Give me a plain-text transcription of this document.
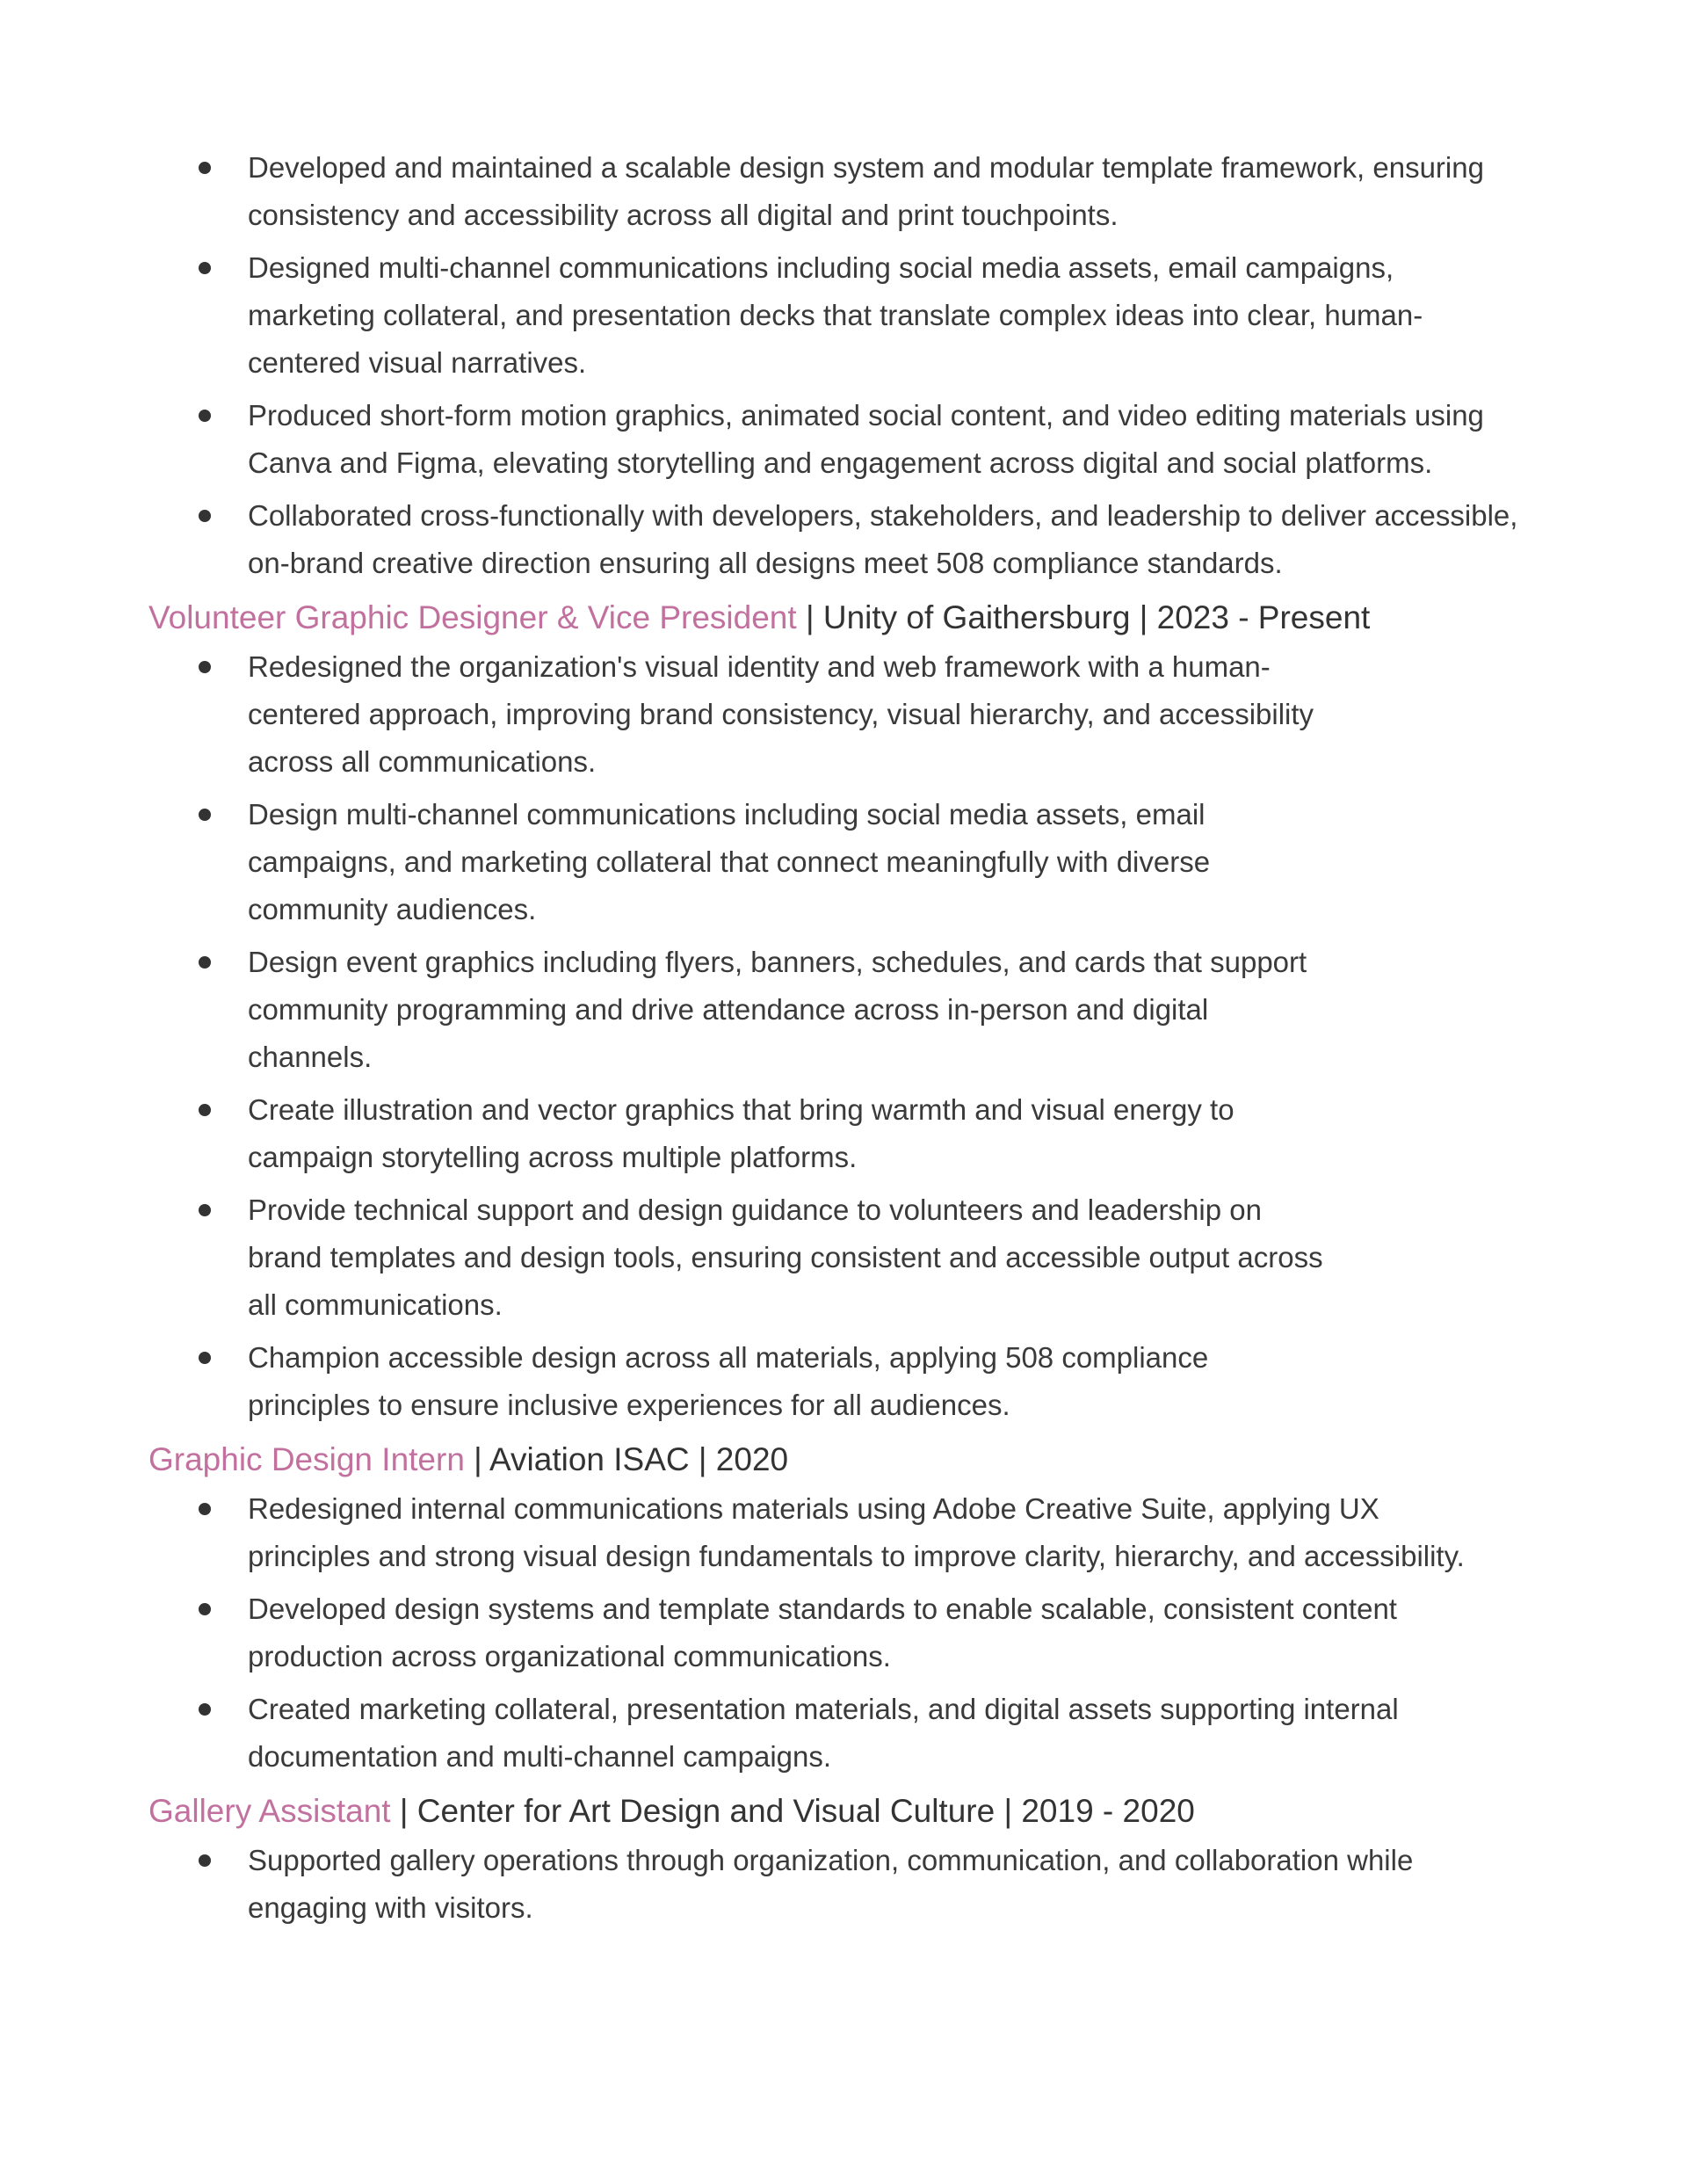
Developed and maintained a scalable design system and modular template framework, ensuring consistency and accessibility across all digital and print touchpoints.
Designed multi-channel communications including social media assets, email campaigns, marketing collateral, and presentation decks that translate complex ideas into clear, human-centered visual narratives.
Produced short-form motion graphics, animated social content, and video editing materials using Canva and Figma, elevating storytelling and engagement across digital and social platforms.
Collaborated cross-functionally with developers, stakeholders, and leadership to deliver accessible, on-brand creative direction ensuring all designs meet 508 compliance standards.
Volunteer Graphic Designer & Vice President | Unity of Gaithersburg | 2023 - Present
Redesigned the organization's visual identity and web framework with a human-centered approach, improving brand consistency, visual hierarchy, and accessibility across all communications.
Design multi-channel communications including social media assets, email campaigns, and marketing collateral that connect meaningfully with diverse community audiences.
Design event graphics including flyers, banners, schedules, and cards that support community programming and drive attendance across in-person and digital channels.
Create illustration and vector graphics that bring warmth and visual energy to campaign storytelling across multiple platforms.
Provide technical support and design guidance to volunteers and leadership on brand templates and design tools, ensuring consistent and accessible output across all communications.
Champion accessible design across all materials, applying 508 compliance principles to ensure inclusive experiences for all audiences.
Graphic Design Intern | Aviation ISAC | 2020
Redesigned internal communications materials using Adobe Creative Suite, applying UX principles and strong visual design fundamentals to improve clarity, hierarchy, and accessibility.
Developed design systems and template standards to enable scalable, consistent content production across organizational communications.
Created marketing collateral, presentation materials, and digital assets supporting internal documentation and multi-channel campaigns.
Gallery Assistant | Center for Art Design and Visual Culture | 2019 - 2020
Supported gallery operations through organization, communication, and collaboration while engaging with visitors.
